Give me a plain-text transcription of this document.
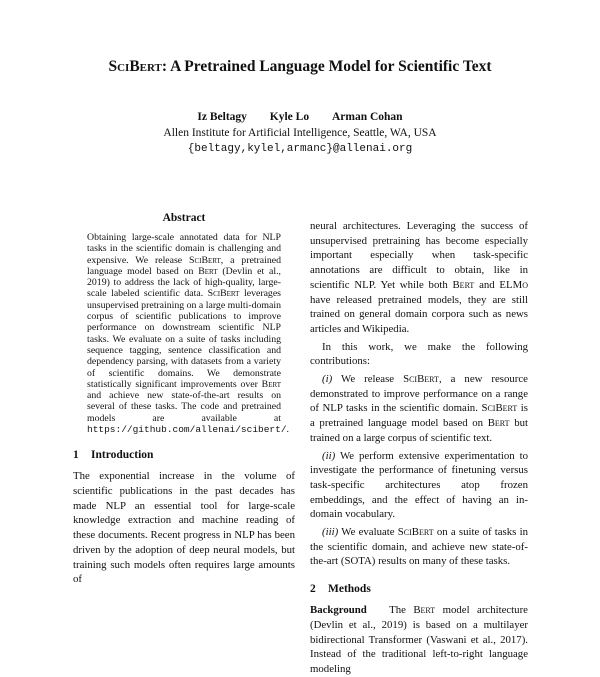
SciBert: A Pretrained Language Model for Scientific Text
Iz Beltagy Kyle Lo Arman Cohan
Allen Institute for Artificial Intelligence, Seattle, WA, USA
{beltagy,kylel,armanc}@allenai.org
Abstract
Obtaining large-scale annotated data for NLP tasks in the scientific domain is challenging and expensive. We release SciBert, a pretrained language model based on Bert (Devlin et al., 2019) to address the lack of high-quality, large-scale labeled scientific data. SciBert leverages unsupervised pretraining on a large multi-domain corpus of scientific publications to improve performance on downstream scientific NLP tasks. We evaluate on a suite of tasks including sequence tagging, sentence classification and dependency parsing, with datasets from a variety of scientific domains. We demonstrate statistically significant improvements over Bert and achieve new state-of-the-art results on several of these tasks. The code and pretrained models are available at https://github.com/allenai/scibert/.
1 Introduction

The exponential increase in the volume of scientific publications in the past decades has made NLP an essential tool for large-scale knowledge extraction and machine reading of these documents. Recent progress in NLP has been driven by the adoption of deep neural models, but training such models often requires large amounts of

neural architectures. Leveraging the success of unsupervised pretraining has become especially important especially when task-specific annotations are difficult to obtain, like in scientific NLP. Yet while both Bert and ELMo have released pretrained models, they are still trained on general domain corpora such as news articles and Wikipedia.

In this work, we make the following contributions:

(i) We release SciBert, a new resource demonstrated to improve performance on a range of NLP tasks in the scientific domain. SciBert is a pretrained language model based on Bert but trained on a large corpus of scientific text.

(ii) We perform extensive experimentation to investigate the performance of finetuning versus task-specific architectures atop frozen embeddings, and the effect of having an in-domain vocabulary.

(iii) We evaluate SciBert on a suite of tasks in the scientific domain, and achieve new state-of-the-art (SOTA) results on many of these tasks.

2 Methods

Background The Bert model architecture (Devlin et al., 2019) is based on a multilayer bidirectional Transformer (Vaswani et al., 2017). Instead of the traditional left-to-right language modeling
